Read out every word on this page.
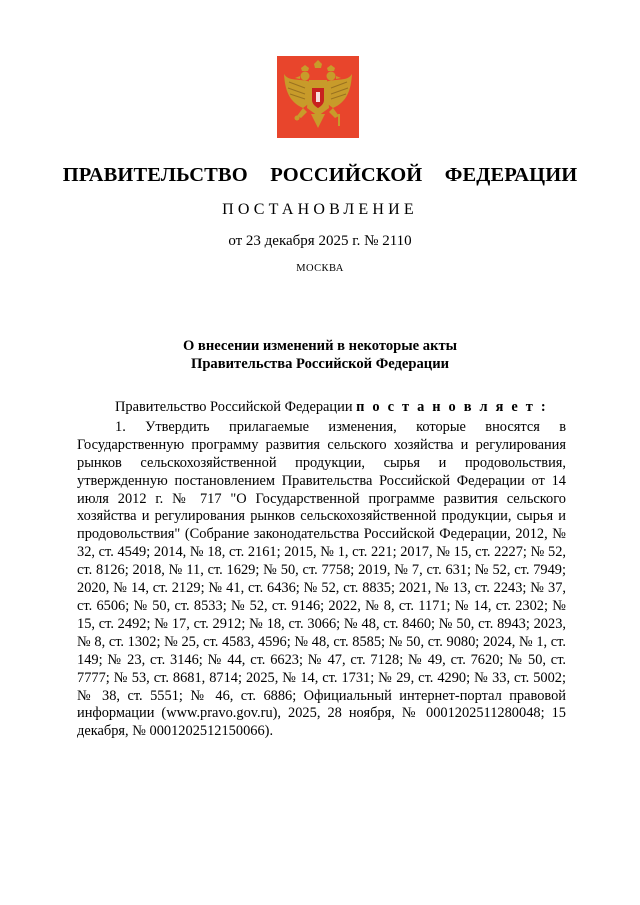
ПРАВИТЕЛЬСТВО  РОССИЙСКОЙ  ФЕДЕРАЦИИ
ПОСТАНОВЛЕНИЕ
от 23 декабря 2025 г. № 2110
МОСКВА
О внесении изменений в некоторые акты
Правительства Российской Федерации
Правительство Российской Федерации п о с т а н о в л я е т :
1. Утвердить прилагаемые изменения, которые вносятся в Государственную программу развития сельского хозяйства и регулирования рынков сельскохозяйственной продукции, сырья и продовольствия, утвержденную постановлением Правительства Российской Федерации от 14 июля 2012 г. № 717 "О Государственной программе развития сельского хозяйства и регулирования рынков сельскохозяйственной продукции, сырья и продовольствия" (Собрание законодательства Российской Федерации, 2012, № 32, ст. 4549; 2014, № 18, ст. 2161; 2015, № 1, ст. 221; 2017, № 15, ст. 2227; № 52, ст. 8126; 2018, № 11, ст. 1629; № 50, ст. 7758; 2019, № 7, ст. 631; № 52, ст. 7949; 2020, № 14, ст. 2129; № 41, ст. 6436; № 52, ст. 8835; 2021, № 13, ст. 2243; № 37, ст. 6506; № 50, ст. 8533; № 52, ст. 9146; 2022, № 8, ст. 1171; № 14, ст. 2302; № 15, ст. 2492; № 17, ст. 2912; № 18, ст. 3066; № 48, ст. 8460; № 50, ст. 8943; 2023, № 8, ст. 1302; № 25, ст. 4583, 4596; № 48, ст. 8585; № 50, ст. 9080; 2024, № 1, ст. 149; № 23, ст. 3146; № 44, ст. 6623; № 47, ст. 7128; № 49, ст. 7620; № 50, ст. 7777; № 53, ст. 8681, 8714; 2025, № 14, ст. 1731; № 29, ст. 4290; № 33, ст. 5002; № 38, ст. 5551; № 46, ст. 6886; Официальный интернет-портал правовой информации (www.pravo.gov.ru), 2025, 28 ноября, № 0001202511280048; 15 декабря, № 0001202512150066).
